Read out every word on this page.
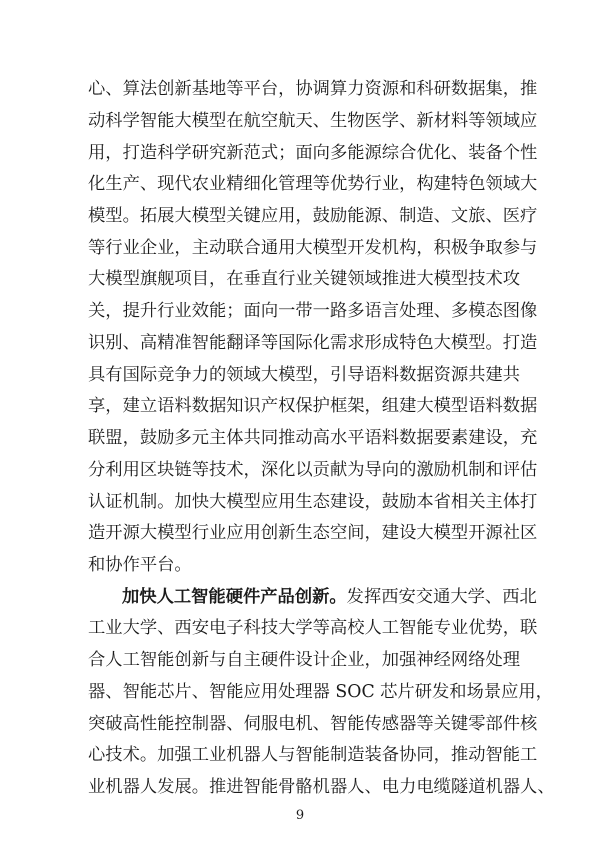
心、算法创新基地等平台，协调算力资源和科研数据集，推
动科学智能大模型在航空航天、生物医学、新材料等领域应
用，打造科学研究新范式；面向多能源综合优化、装备个性
化生产、现代农业精细化管理等优势行业，构建特色领域大
模型。拓展大模型关键应用，鼓励能源、制造、文旅、医疗
等行业企业，主动联合通用大模型开发机构，积极争取参与
大模型旗舰项目，在垂直行业关键领域推进大模型技术攻
关，提升行业效能；面向一带一路多语言处理、多模态图像
识别、高精准智能翻译等国际化需求形成特色大模型。打造
具有国际竞争力的领域大模型，引导语料数据资源共建共
享，建立语料数据知识产权保护框架，组建大模型语料数据
联盟，鼓励多元主体共同推动高水平语料数据要素建设，充
分利用区块链等技术，深化以贡献为导向的激励机制和评估
认证机制。加快大模型应用生态建设，鼓励本省相关主体打
造开源大模型行业应用创新生态空间，建设大模型开源社区
和协作平台。
加快人工智能硬件产品创新。发挥西安交通大学、西北
工业大学、西安电子科技大学等高校人工智能专业优势，联
合人工智能创新与自主硬件设计企业，加强神经网络处理
器、智能芯片、智能应用处理器 SOC 芯片研发和场景应用，
突破高性能控制器、伺服电机、智能传感器等关键零部件核
心技术。加强工业机器人与智能制造装备协同，推动智能工
业机器人发展。推进智能骨骼机器人、电力电缆隧道机器人、
9
